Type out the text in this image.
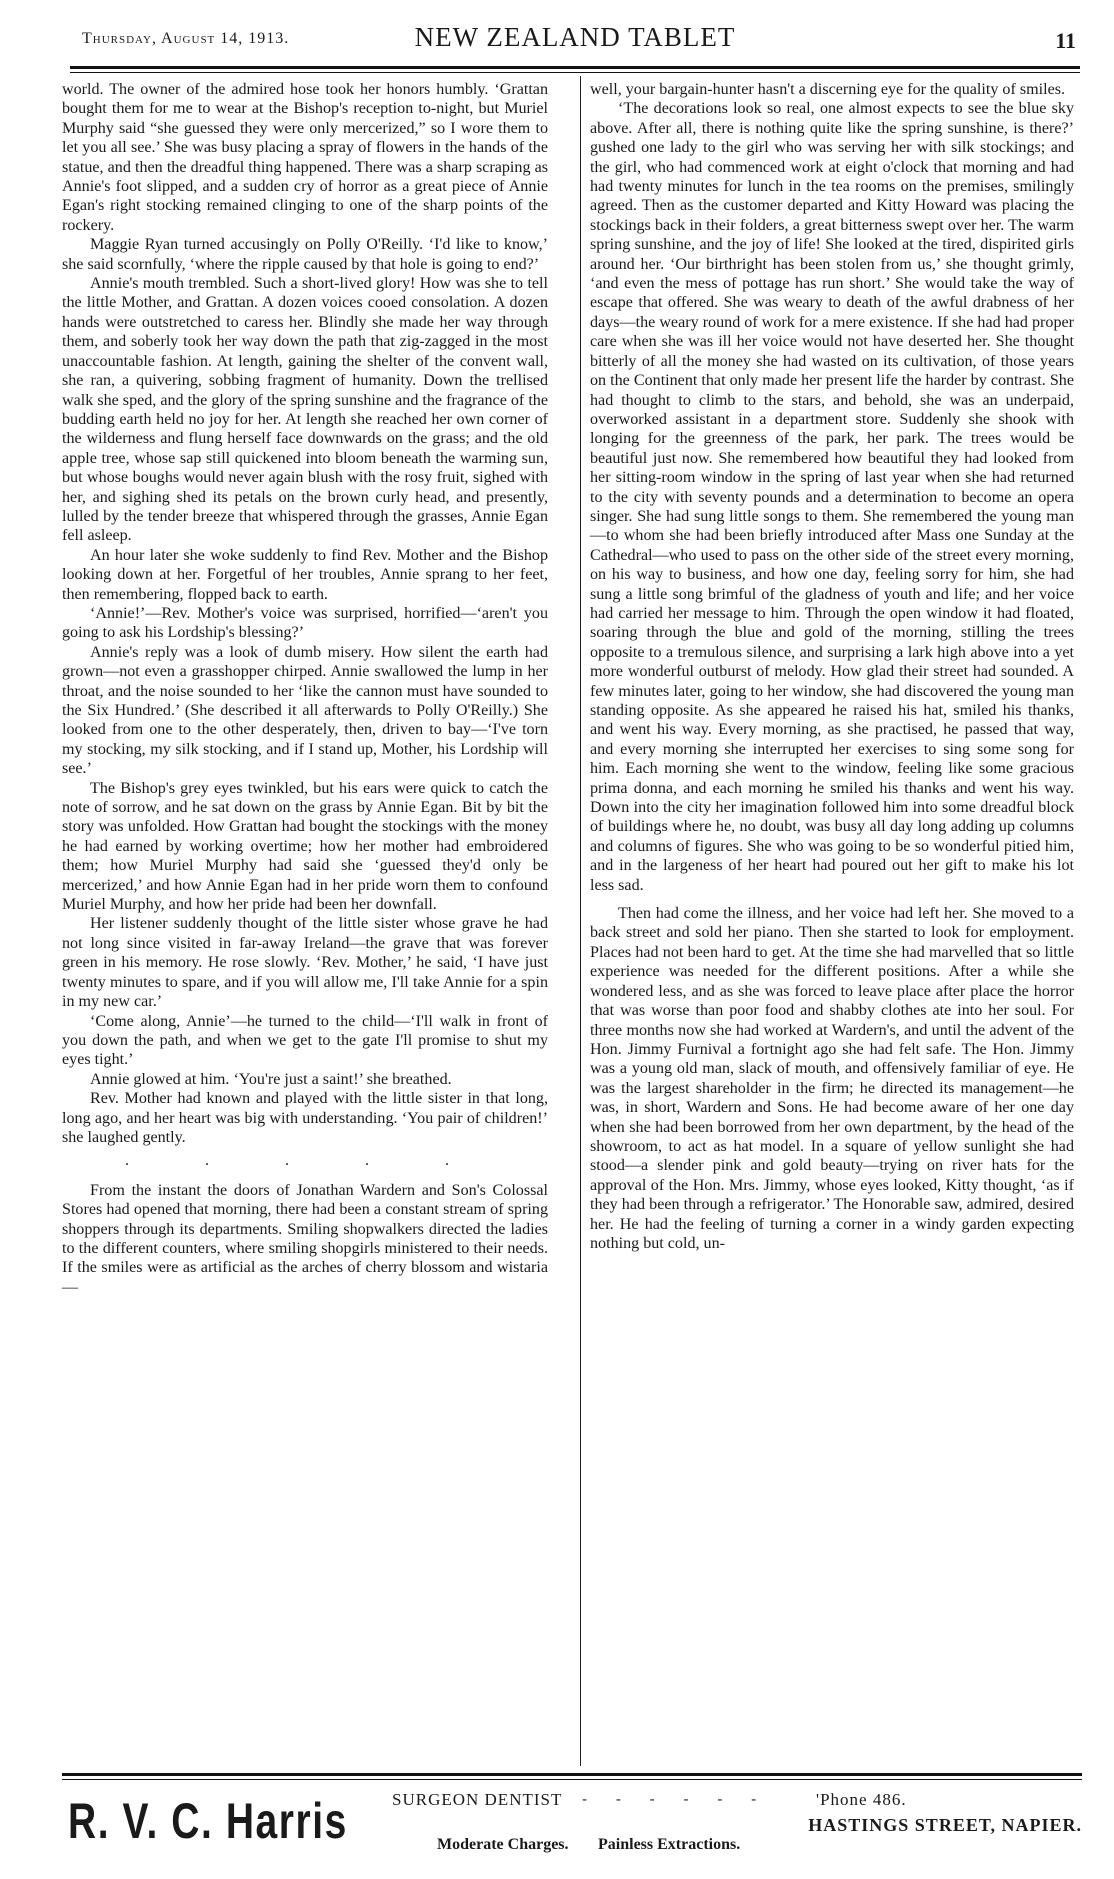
Thursday, August 14, 1913.	NEW ZEALAND TABLET	11

world. The owner of the admired hose took her honors humbly. ‘Grattan bought them for me to wear at the Bishop's reception to-night, but Muriel Murphy said “she guessed they were only mercerized,” so I wore them to let you all see.’ She was busy placing a spray of flowers in the hands of the statue, and then the dreadful thing happened. There was a sharp scraping as Annie's foot slipped, and a sudden cry of horror as a great piece of Annie Egan's right stocking remained clinging to one of the sharp points of the rockery.

Maggie Ryan turned accusingly on Polly O'Reilly. ‘I'd like to know,’ she said scornfully, ‘where the ripple caused by that hole is going to end?’

Annie's mouth trembled. Such a short-lived glory! How was she to tell the little Mother, and Grattan. A dozen voices cooed consolation. A dozen hands were outstretched to caress her. Blindly she made her way through them, and soberly took her way down the path that zig-zagged in the most unaccountable fashion. At length, gaining the shelter of the convent wall, she ran, a quivering, sobbing fragment of humanity. Down the trellised walk she sped, and the glory of the spring sunshine and the fragrance of the budding earth held no joy for her. At length she reached her own corner of the wilderness and flung herself face downwards on the grass; and the old apple tree, whose sap still quickened into bloom beneath the warming sun, but whose boughs would never again blush with the rosy fruit, sighed with her, and sighing shed its petals on the brown curly head, and presently, lulled by the tender breeze that whispered through the grasses, Annie Egan fell asleep.

An hour later she woke suddenly to find Rev. Mother and the Bishop looking down at her. Forgetful of her troubles, Annie sprang to her feet, then remembering, flopped back to earth.

‘Annie!’—Rev. Mother's voice was surprised, horrified—‘aren't you going to ask his Lordship's blessing?’

Annie's reply was a look of dumb misery. How silent the earth had grown—not even a grasshopper chirped. Annie swallowed the lump in her throat, and the noise sounded to her ‘like the cannon must have sounded to the Six Hundred.’ (She described it all afterwards to Polly O'Reilly.) She looked from one to the other desperately, then, driven to bay—‘I've torn my stocking, my silk stocking, and if I stand up, Mother, his Lordship will see.’

The Bishop's grey eyes twinkled, but his ears were quick to catch the note of sorrow, and he sat down on the grass by Annie Egan. Bit by bit the story was unfolded. How Grattan had bought the stockings with the money he had earned by working overtime; how her mother had embroidered them; how Muriel Murphy had said she ‘guessed they'd only be mercerized,’ and how Annie Egan had in her pride worn them to confound Muriel Murphy, and how her pride had been her downfall.

Her listener suddenly thought of the little sister whose grave he had not long since visited in far-away Ireland—the grave that was forever green in his memory. He rose slowly. ‘Rev. Mother,’ he said, ‘I have just twenty minutes to spare, and if you will allow me, I'll take Annie for a spin in my new car.’

‘Come along, Annie’—he turned to the child—‘I'll walk in front of you down the path, and when we get to the gate I'll promise to shut my eyes tight.’

Annie glowed at him. ‘You're just a saint!’ she breathed.

Rev. Mother had known and played with the little sister in that long, long ago, and her heart was big with understanding. ‘You pair of children!’ she laughed gently.

. . . . .

From the instant the doors of Jonathan Wardern and Son's Colossal Stores had opened that morning, there had been a constant stream of spring shoppers through its departments. Smiling shopwalkers directed the ladies to the different counters, where smiling shopgirls ministered to their needs. If the smiles were as artificial as the arches of cherry blossom and wistaria—

well, your bargain-hunter hasn't a discerning eye for the quality of smiles.

‘The decorations look so real, one almost expects to see the blue sky above. After all, there is nothing quite like the spring sunshine, is there?’ gushed one lady to the girl who was serving her with silk stockings; and the girl, who had commenced work at eight o'clock that morning and had had twenty minutes for lunch in the tea rooms on the premises, smilingly agreed. Then as the customer departed and Kitty Howard was placing the stockings back in their folders, a great bitterness swept over her. The warm spring sunshine, and the joy of life! She looked at the tired, dispirited girls around her. ‘Our birthright has been stolen from us,’ she thought grimly, ‘and even the mess of pottage has run short.’ She would take the way of escape that offered. She was weary to death of the awful drabness of her days—the weary round of work for a mere existence. If she had had proper care when she was ill her voice would not have deserted her. She thought bitterly of all the money she had wasted on its cultivation, of those years on the Continent that only made her present life the harder by contrast. She had thought to climb to the stars, and behold, she was an underpaid, overworked assistant in a department store. Suddenly she shook with longing for the greenness of the park, her park. The trees would be beautiful just now. She remembered how beautiful they had looked from her sitting-room window in the spring of last year when she had returned to the city with seventy pounds and a determination to become an opera singer. She had sung little songs to them. She remembered the young man—to whom she had been briefly introduced after Mass one Sunday at the Cathedral—who used to pass on the other side of the street every morning, on his way to business, and how one day, feeling sorry for him, she had sung a little song brimful of the gladness of youth and life; and her voice had carried her message to him. Through the open window it had floated, soaring through the blue and gold of the morning, stilling the trees opposite to a tremulous silence, and surprising a lark high above into a yet more wonderful outburst of melody. How glad their street had sounded. A few minutes later, going to her window, she had discovered the young man standing opposite. As she appeared he raised his hat, smiled his thanks, and went his way. Every morning, as she practised, he passed that way, and every morning she interrupted her exercises to sing some song for him. Each morning she went to the window, feeling like some gracious prima donna, and each morning he smiled his thanks and went his way. Down into the city her imagination followed him into some dreadful block of buildings where he, no doubt, was busy all day long adding up columns and columns of figures. She who was going to be so wonderful pitied him, and in the largeness of her heart had poured out her gift to make his lot less sad.

Then had come the illness, and her voice had left her. She moved to a back street and sold her piano. Then she started to look for employment. Places had not been hard to get. At the time she had marvelled that so little experience was needed for the different positions. After a while she wondered less, and as she was forced to leave place after place the horror that was worse than poor food and shabby clothes ate into her soul. For three months now she had worked at Wardern's, and until the advent of the Hon. Jimmy Furnival a fortnight ago she had felt safe. The Hon. Jimmy was a young old man, slack of mouth, and offensively familiar of eye. He was the largest shareholder in the firm; he directed its management—he was, in short, Wardern and Sons. He had become aware of her one day when she had been borrowed from her own department, by the head of the showroom, to act as hat model. In a square of yellow sunlight she had stood—a slender pink and gold beauty—trying on river hats for the approval of the Hon. Mrs. Jimmy, whose eyes looked, Kitty thought, ‘as if they had been through a refrigerator.’ The Honorable saw, admired, desired her. He had the feeling of turning a corner in a windy garden expecting nothing but cold, un-

R. V. C. Harris	SURGEON DENTIST - - - - - -	'Phone 486.
HASTINGS STREET, NAPIER.
Moderate Charges. Painless Extractions.
